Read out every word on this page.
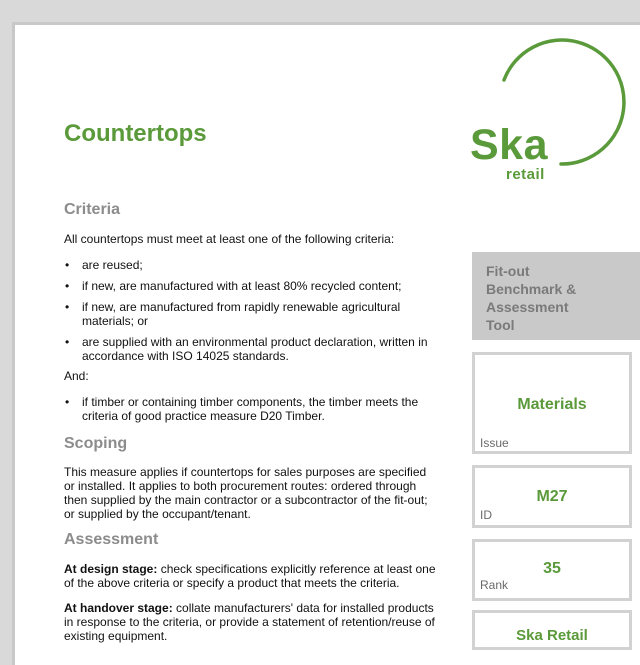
Countertops	Ska
retail
Criteria

All countertops must meet at least one of the following criteria:

• are reused;
• if new, are manufactured with at least 80% recycled content;
• if new, are manufactured from rapidly renewable agricultural materials; or
• are supplied with an environmental product declaration, written in accordance with ISO 14025 standards.

And:

• if timber or containing timber components, the timber meets the criteria of good practice measure D20 Timber.
Scoping

This measure applies if countertops for sales purposes are specified or installed. It applies to both procurement routes: ordered through then supplied by the main contractor or a subcontractor of the fit-out; or supplied by the occupant/tenant.

Assessment

At design stage: check specifications explicitly reference at least one of the above criteria or specify a product that meets the criteria.

At handover stage: collate manufacturers' data for installed products in response to the criteria, or provide a statement of retention/reuse of existing equipment.

Fit-out Benchmark & Assessment Tool
Materials
Issue
M27
ID
35
Rank
Ska Retail
